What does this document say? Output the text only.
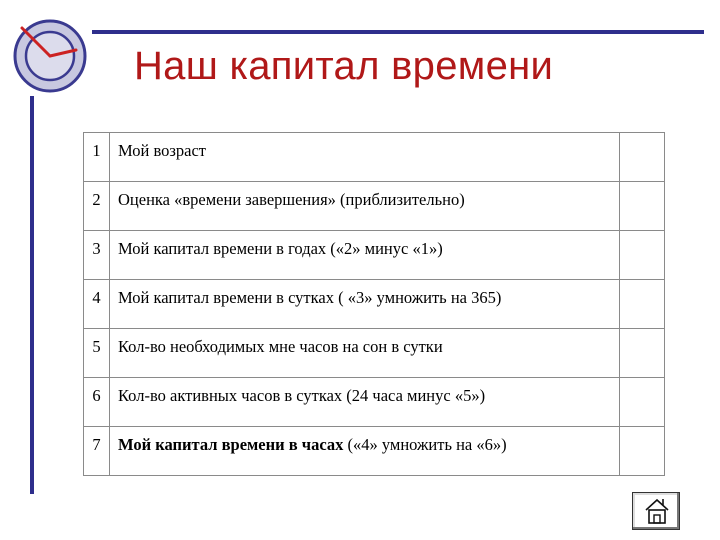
Наш капитал времени
1	Мой возраст	
2	Оценка «времени завершения» (приблизительно)	
3	Мой капитал времени в годах («2» минус «1»)	
4	Мой капитал времени в сутках ( «3» умножить на 365)	
5	Кол-во необходимых мне часов на сон в сутки	
6	Кол-во активных часов в сутках (24 часа минус «5»)	
7	Мой капитал времени в часах («4» умножить на «6»)	
